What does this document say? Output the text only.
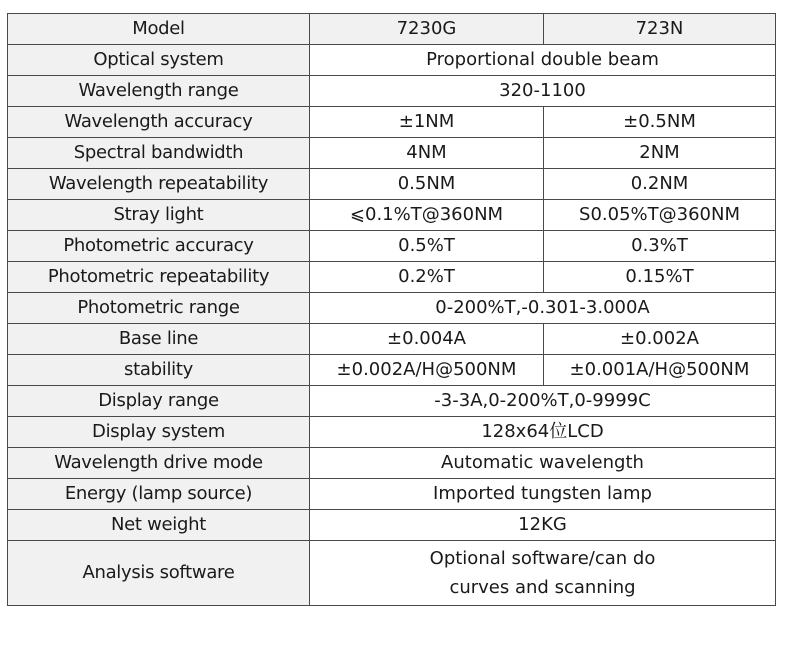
Model	7230G	723N
Optical system	Proportional double beam	
Wavelength range	320-1100	
Wavelength accuracy	±1NM	±0.5NM
Spectral bandwidth	4NM	2NM
Wavelength repeatability	0.5NM	0.2NM
Stray light	⩽0.1%T@360NM	S0.05%T@360NM
Photometric accuracy	0.5%T	0.3%T
Photometric repeatability	0.2%T	0.15%T
Photometric range	0-200%T,-0.301-3.000A	
Base line	±0.004A	±0.002A
stability	±0.002A/H@500NM	±0.001A/H@500NM
Display range	-3-3A,0-200%T,0-9999C	
Display system	128x64位LCD	
Wavelength drive mode	Automatic wavelength	
Energy (lamp source)	Imported tungsten lamp	
Net weight	12KG	
Analysis software	Optional software/can do
curves and scanning	
